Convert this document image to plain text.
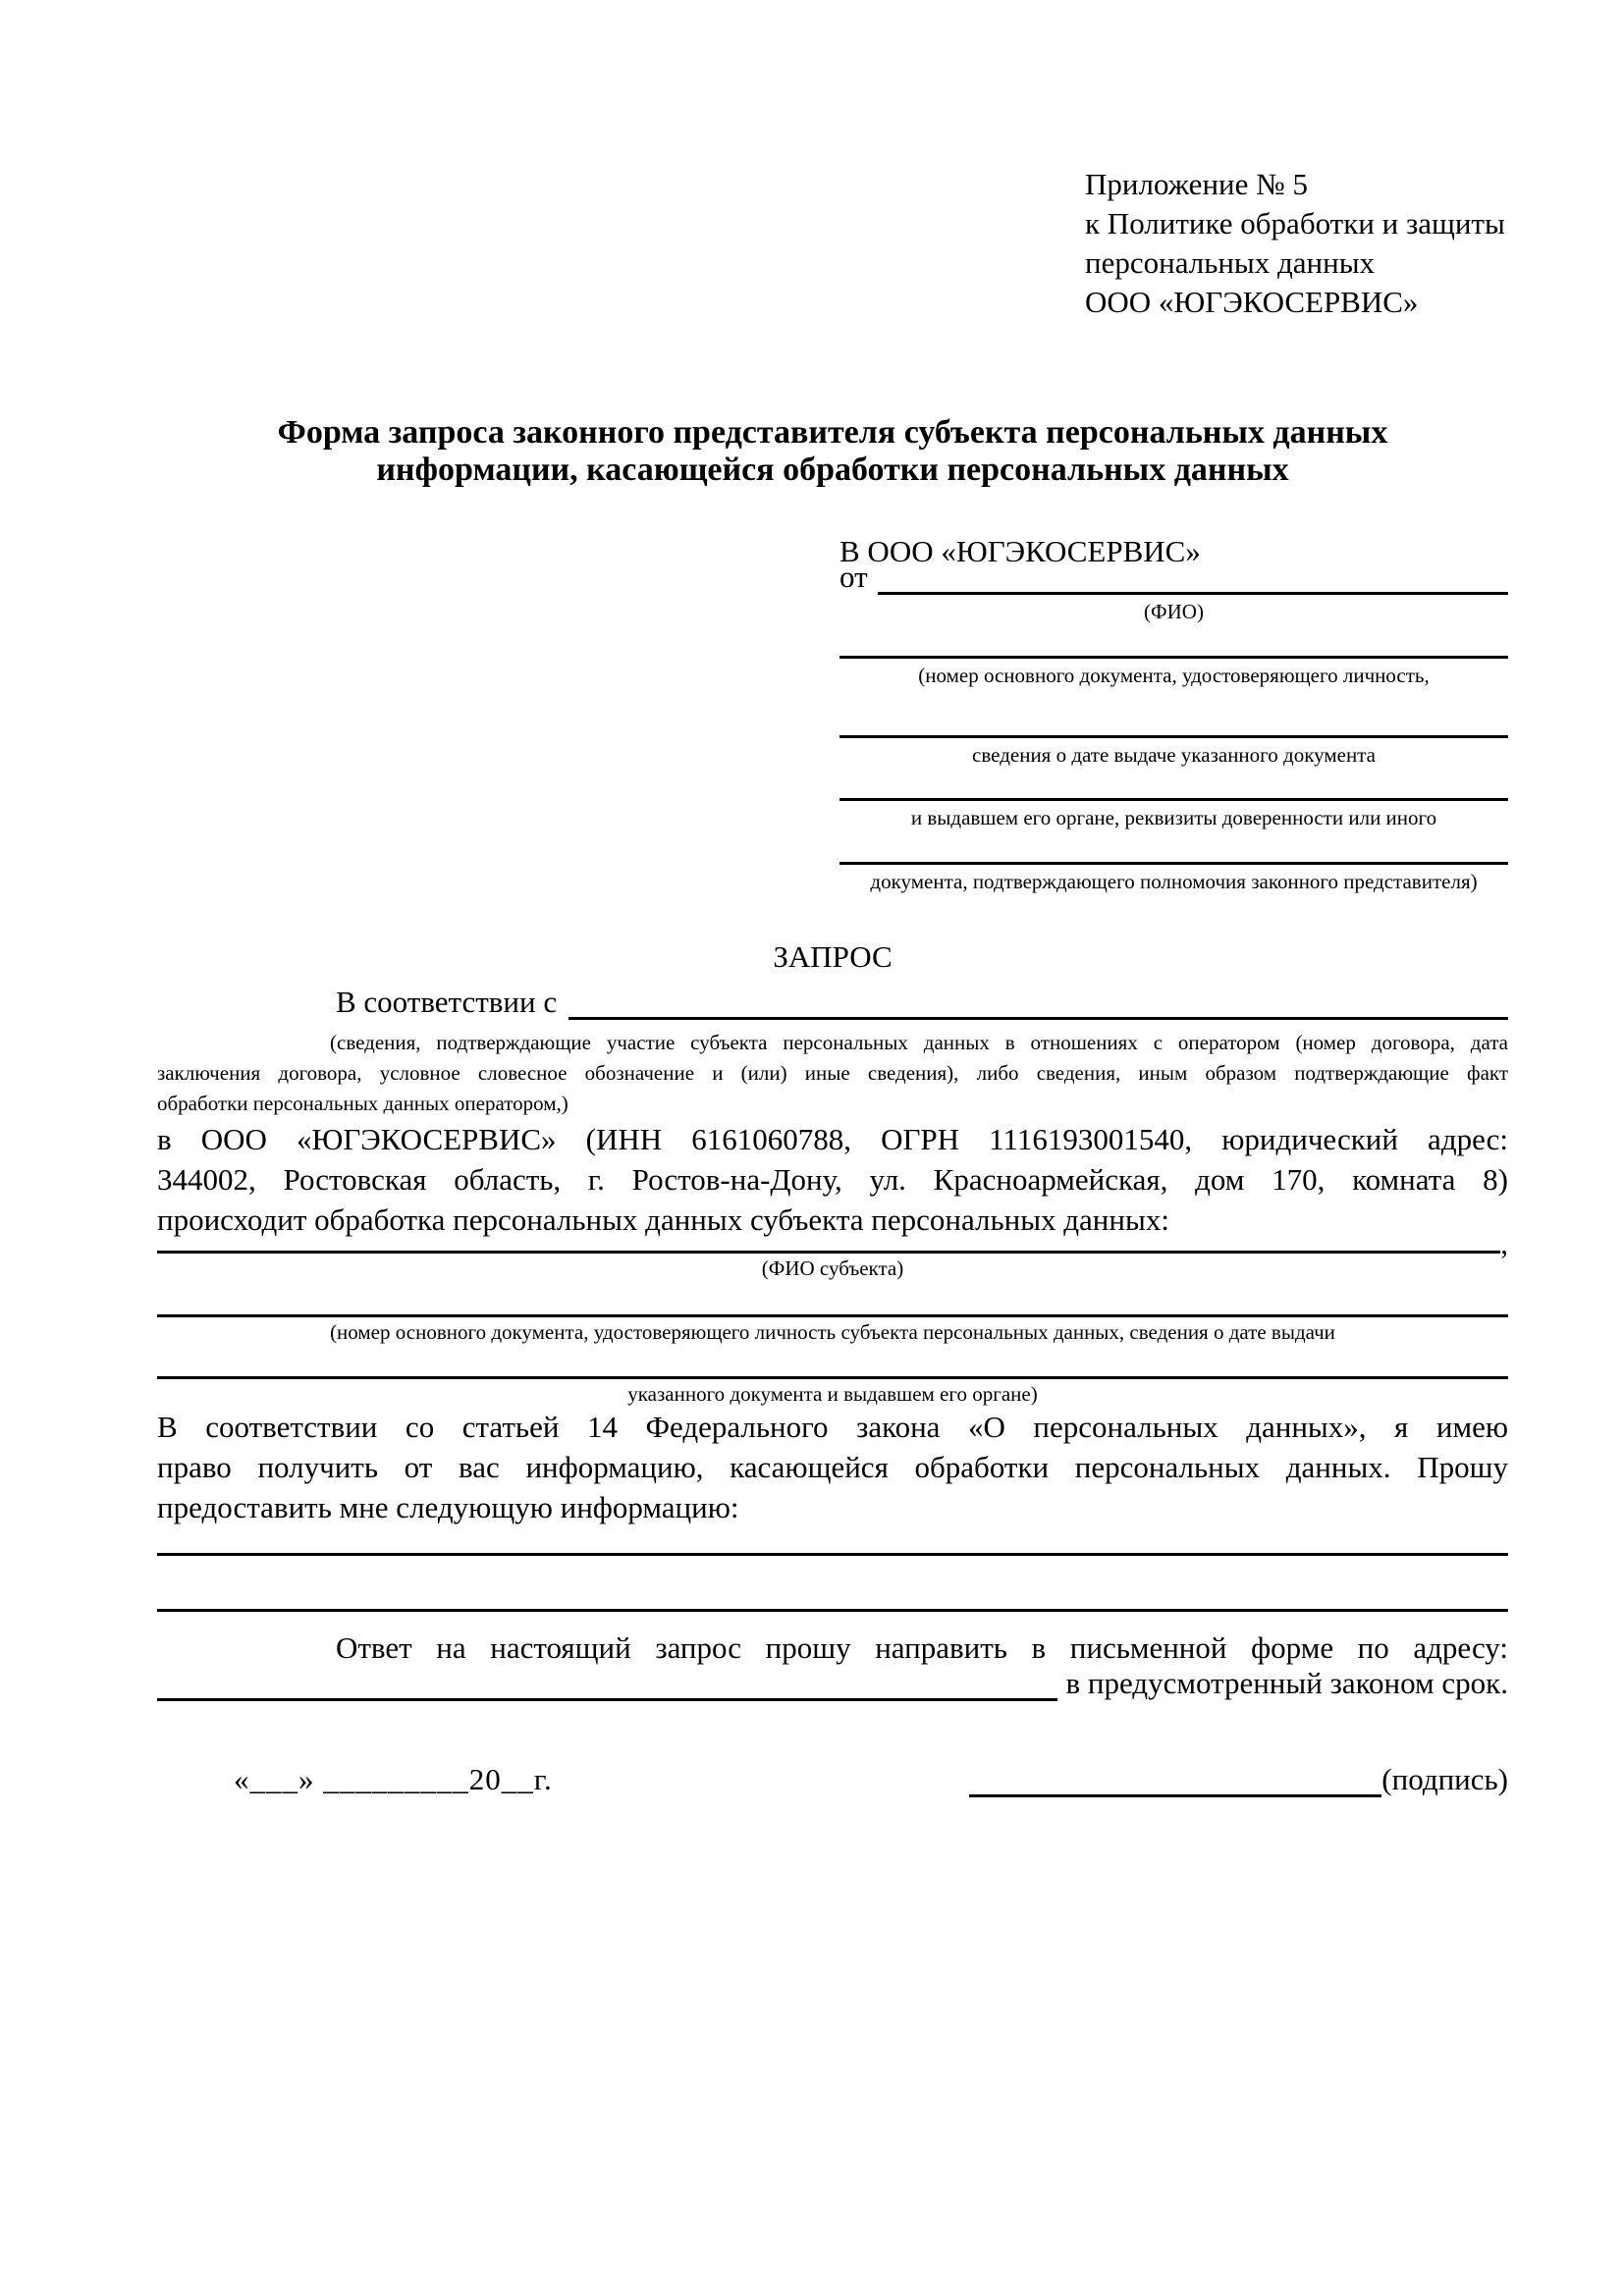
Приложение № 5
к Политике обработки и защиты
персональных данных
ООО «ЮГЭКОСЕРВИС»
Форма запроса законного представителя субъекта персональных данных
информации, касающейся обработки персональных данных
В ООО «ЮГЭКОСЕРВИС»
от
(ФИО)
(номер основного документа, удостоверяющего личность,
сведения о дате выдаче указанного документа
и выдавшем его органе, реквизиты доверенности или иного
документа, подтверждающего полномочия законного представителя)
ЗАПРОС
В соответствии с
(сведения, подтверждающие участие субъекта персональных данных в отношениях с оператором (номер договора, дата
заключения договора, условное словесное обозначение и (или) иные сведения), либо сведения, иным образом подтверждающие факт
обработки персональных данных оператором,)
в ООО «ЮГЭКОСЕРВИС» (ИНН 6161060788, ОГРН 1116193001540, юридический адрес:
344002, Ростовская область, г. Ростов-на-Дону, ул. Красноармейская, дом 170, комната 8)
происходит обработка персональных данных субъекта персональных данных:
,
(ФИО субъекта)
(номер основного документа, удостоверяющего личность субъекта персональных данных, сведения о дате выдачи
указанного документа и выдавшем его органе)
В соответствии со статьей 14 Федерального закона «О персональных данных», я имею
право получить от вас информацию, касающейся обработки персональных данных. Прошу
предоставить мне следующую информацию:
Ответ на настоящий запрос прошу направить в письменной форме по адресу:
в предусмотренный законом срок.
«___» _________20__г.	(подпись)
